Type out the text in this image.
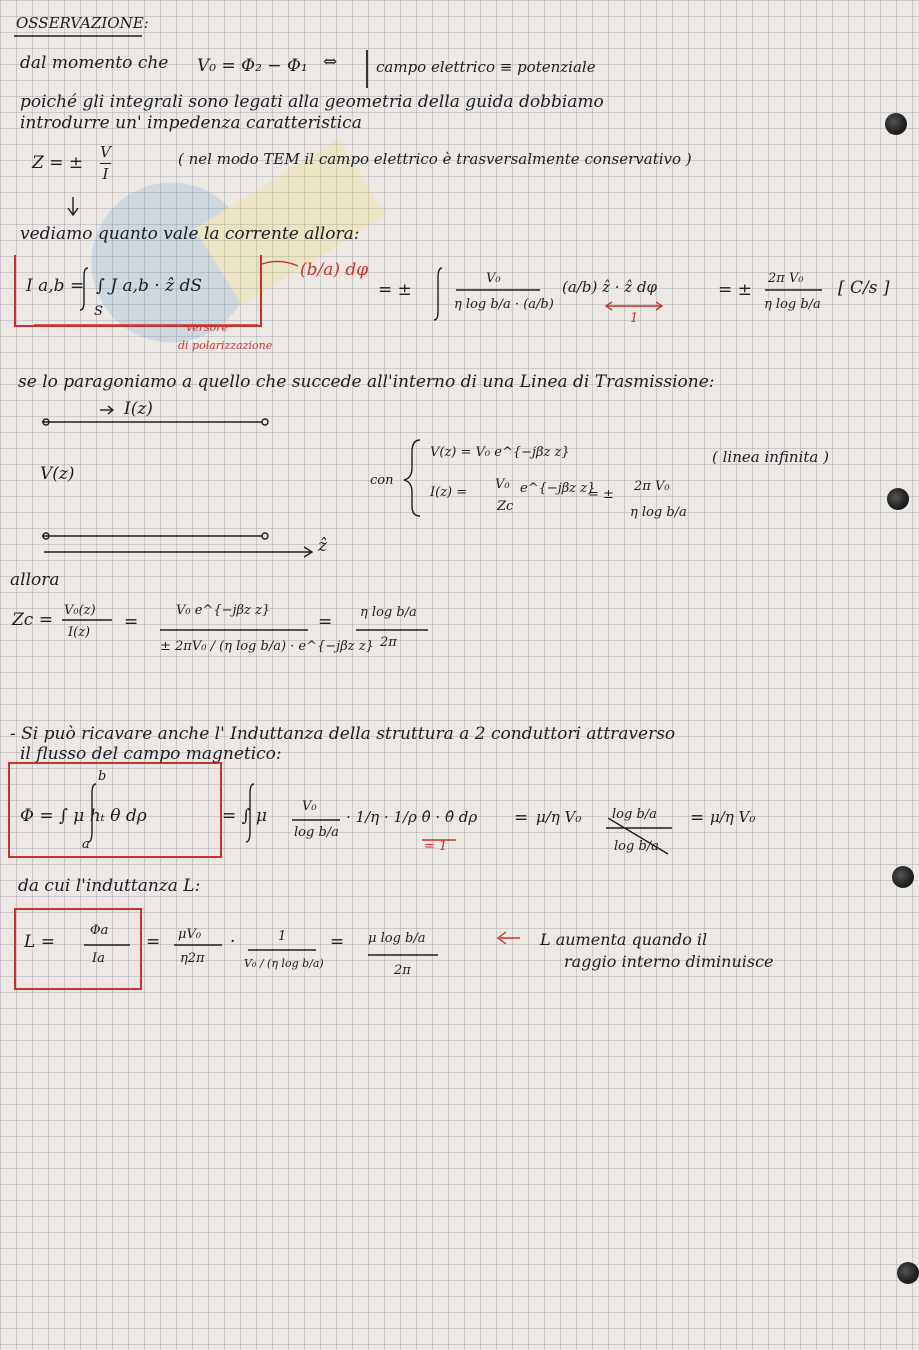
OSSERVAZIONE:
dal momento che V₀ = Φ₂ − Φ₁ ⇔	campo elettrico ≡ potenziale
poiché gli integrali sono legati alla geometria della guida dobbiamo
introdurre un' impedenza caratteristica
Z = ±
V
I
( nel modo TEM il campo elettrico è trasversalmente conservativo )
vediamo quanto vale la corrente allora:
I a,b = ∫ J a,b · ẑ dS
S
(b/a) dφ
versore
di polarizzazione
= ±
V₀
η log b/a · (a/b)
(a/b) ẑ · ẑ dφ
1
= ±
2π V₀
η log b/a
[ C/s ]
se lo paragoniamo a quello che succede all'interno di una Linea di Trasmissione:
I(z)
V(z)
ẑ
con
V(z) = V₀ e^{−jβz z}
I(z) =
V₀
Zc
e^{−jβz z}
= ±
2π V₀
η log b/a
( linea infinita )
allora
Zc = V₀(z)
I(z)
=
V₀ e^{−jβz z}
± 2πV₀ / (η log b/a) · e^{−jβz z}
= η log b/a
2π
- Si può ricavare anche l' Induttanza della struttura a 2 conduttori attraverso
il flusso del campo magnetico:
Φ = ∫ μ hₜ θ dρ
b
a
= ∫ μ	V₀
log b/a
· 1/η · 1/ρ θ̂ · θ̂ dρ
= 1
= μ/η V₀ log b/a
log b/a
= μ/η V₀
da cui l'induttanza L:
L =
Φa
Ia
= μV₀
η2π
·	1
V₀ / (η log b/a)
= μ log b/a
2π
L aumenta quando il
raggio interno diminuisce
